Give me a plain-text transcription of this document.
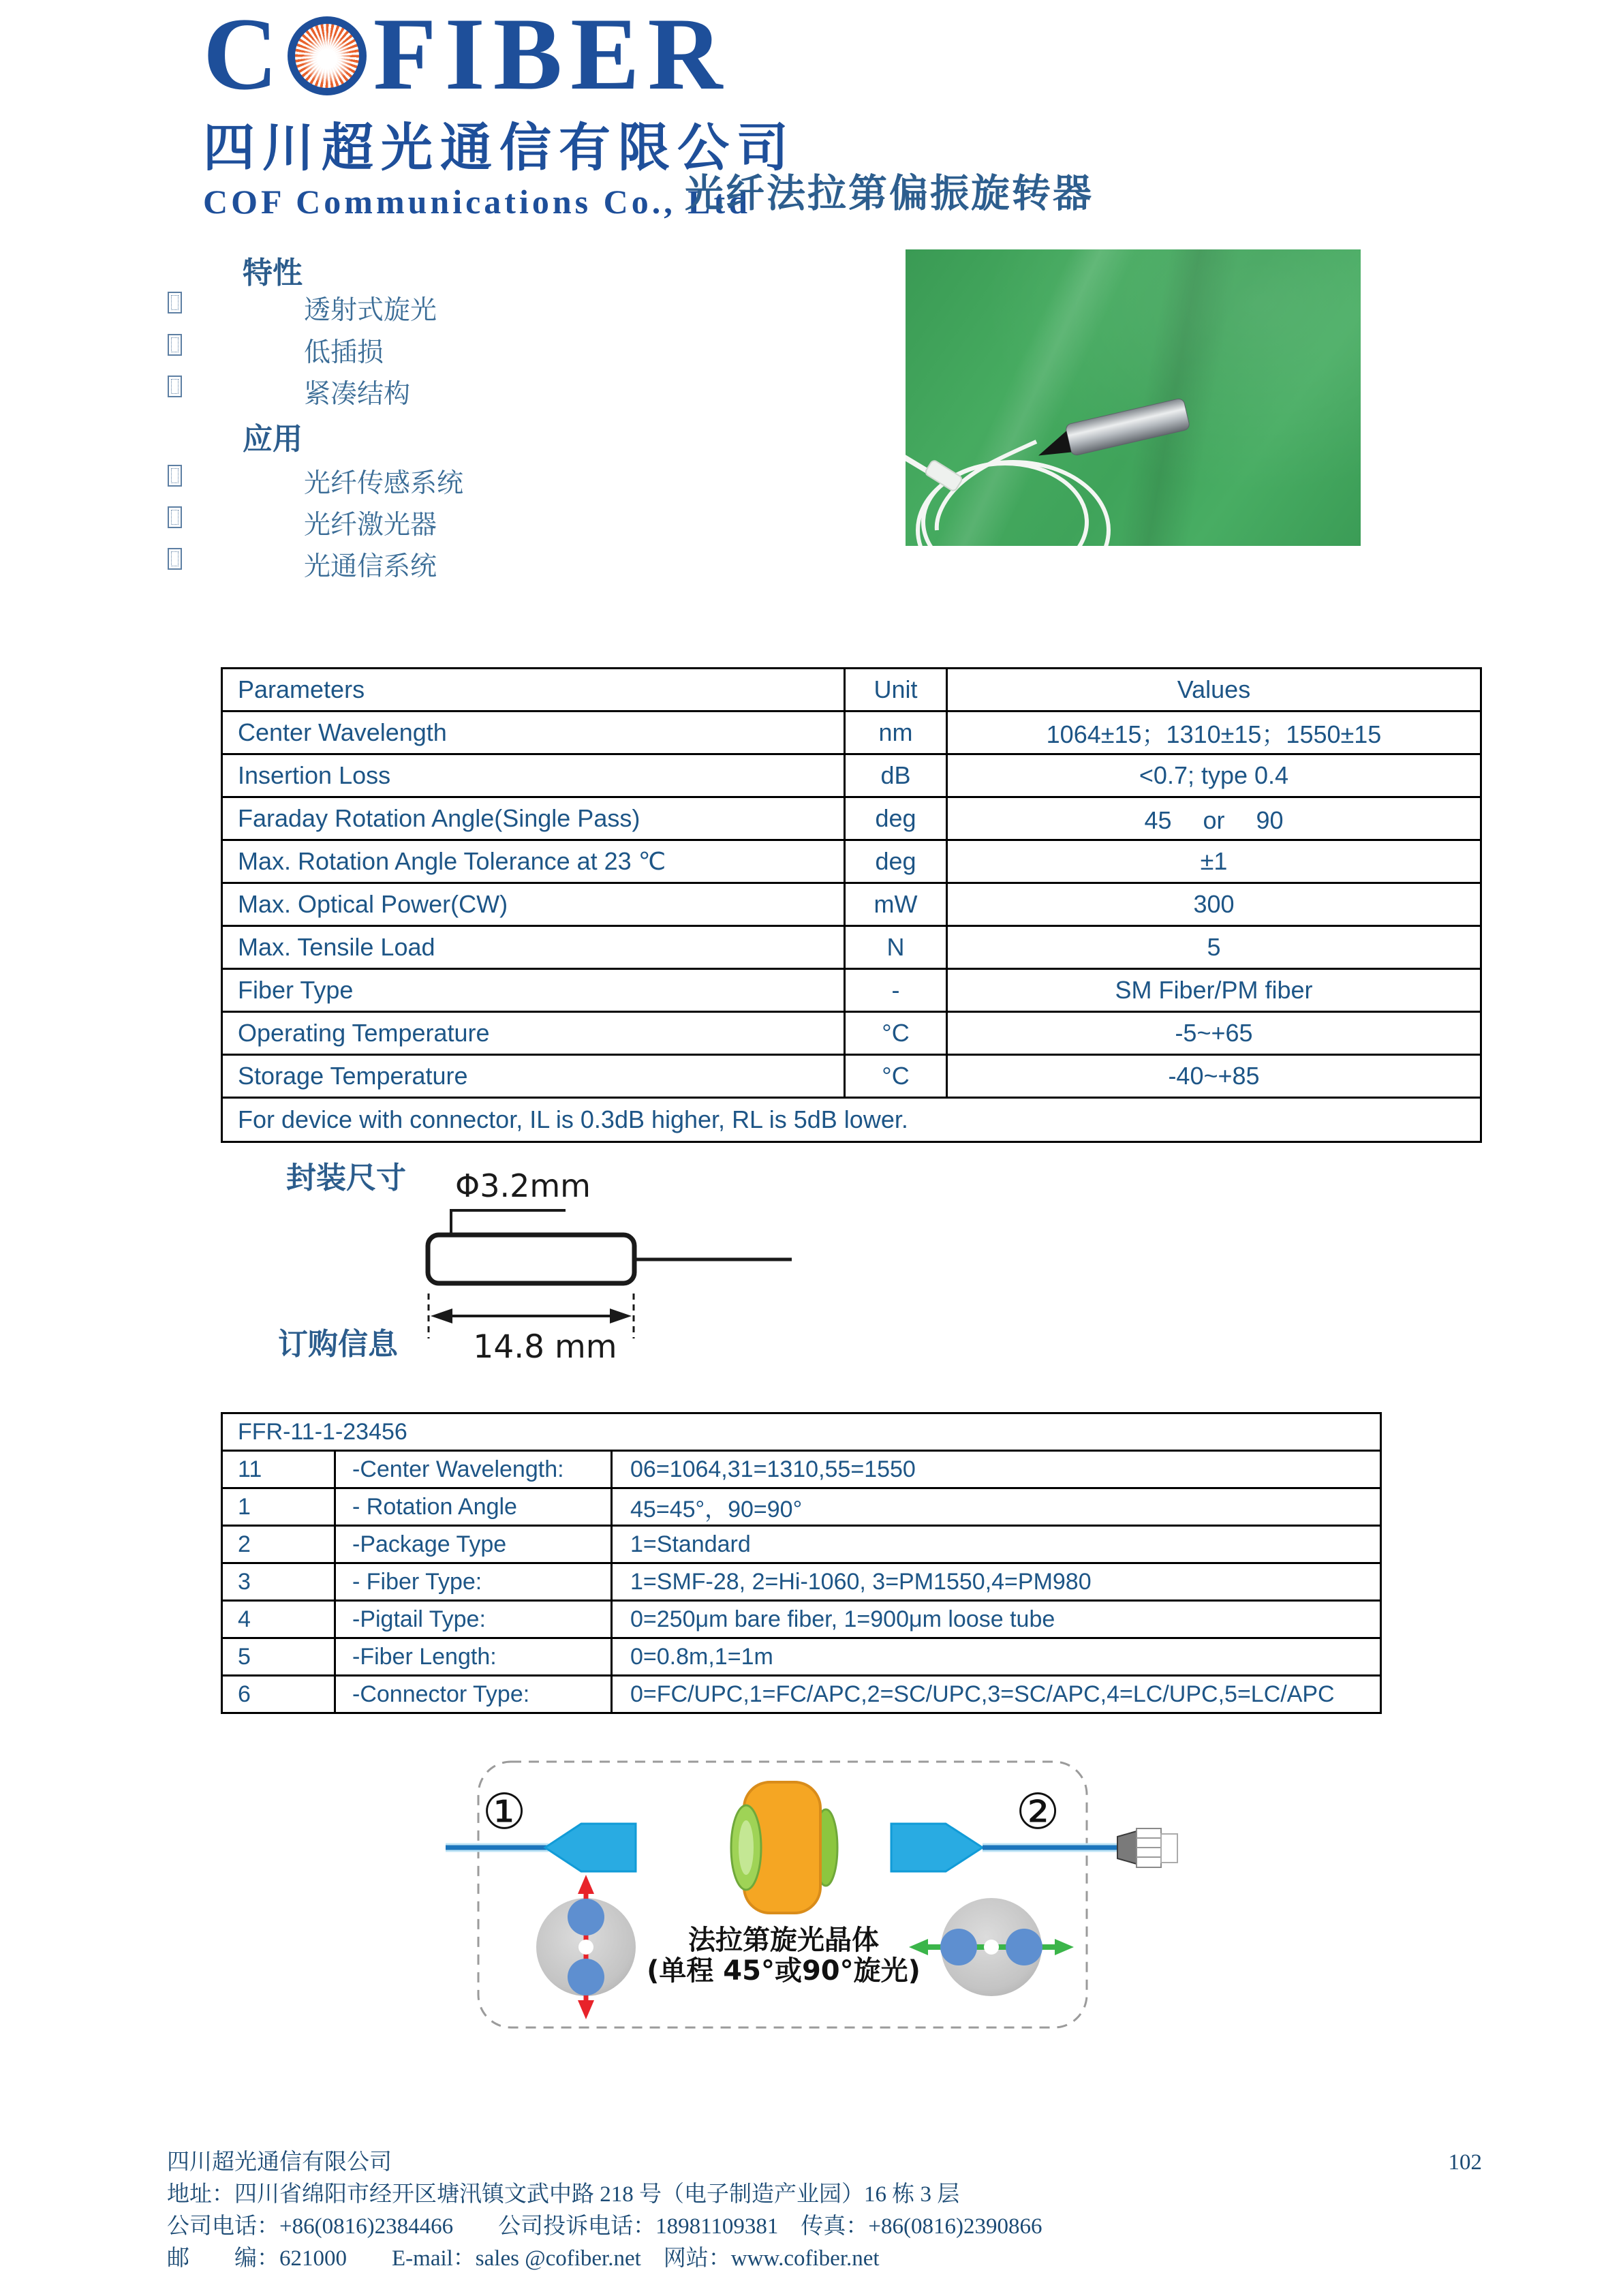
C FIBER
四川超光通信有限公司
COF Communications Co., Ltd
光纤法拉第偏振旋转器
特性
透射式旋光
低插损
紧凑结构
应用
光纤传感系统
光纤激光器
光通信系统
Parameters	Unit	Values
Center Wavelength	nm	1064±15；1310±15；1550±15
Insertion Loss	dB	<0.7; type 0.4
Faraday Rotation Angle(Single Pass)	deg	45　 or 　90
Max. Rotation Angle Tolerance at 23 ℃	deg	±1
Max. Optical Power(CW)	mW	300
Max. Tensile Load	N	5
Fiber Type	-	SM Fiber/PM fiber
Operating Temperature	°C	-5~+65
Storage Temperature	°C	-40~+85
For device with connector, IL is 0.3dB higher, RL is 5dB lower.		
封装尺寸 Φ3.2mm
14.8 mm
订购信息
FFR-11-1-23456		
11	-Center Wavelength:	06=1064,31=1310,55=1550
1	- Rotation Angle	45=45°，90=90°
2	-Package Type	1=Standard
3	- Fiber Type:	1=SMF-28, 2=Hi-1060, 3=PM1550,4=PM980
4	-Pigtail Type:	0=250μm bare fiber, 1=900μm loose tube
5	-Fiber Length:	0=0.8m,1=1m
6	-Connector Type:	0=FC/UPC,1=FC/APC,2=SC/UPC,3=SC/APC,4=LC/UPC,5=LC/APC
①	②
法拉第旋光晶体
(单程 45°或90°旋光)
四川超光通信有限公司	102
地址：四川省绵阳市经开区塘汛镇文武中路 218 号（电子制造产业园）16 栋 3 层
公司电话：+86(0816)2384466　　公司投诉电话：18981109381　传真：+86(0816)2390866
邮　　编：621000　　E-mail：sales @cofiber.net　网站：www.cofiber.net
